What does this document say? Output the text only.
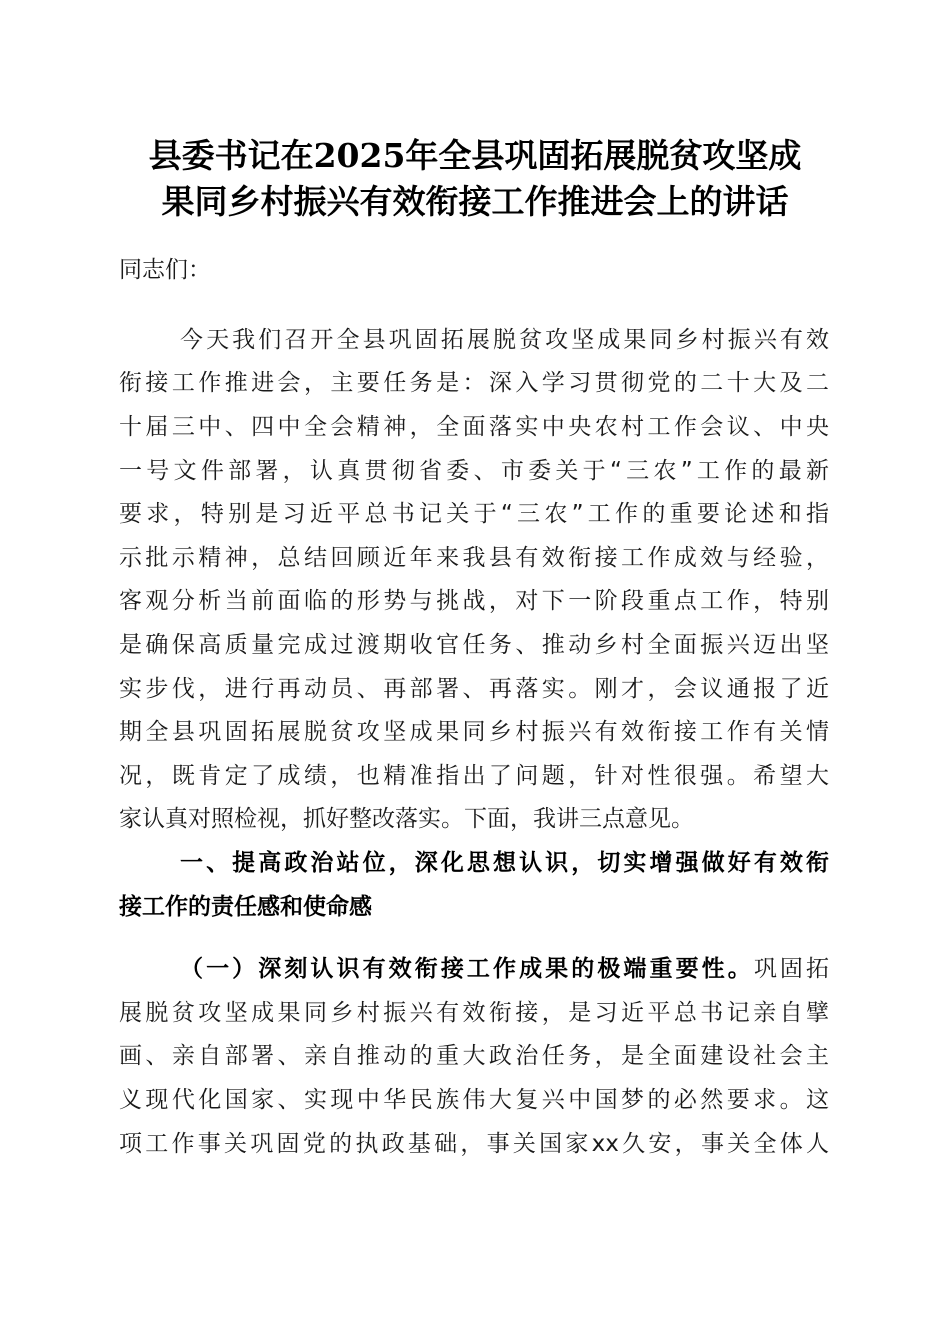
县委书记在2025年全县巩固拓展脱贫攻坚成
果同乡村振兴有效衔接工作推进会上的讲话
同志们：
今天我们召开全县巩固拓展脱贫攻坚成果同乡村振兴有效
衔接工作推进会，主要任务是：深入学习贯彻党的二十大及二
十届三中、四中全会精神，全面落实中央农村工作会议、中央
一号文件部署，认真贯彻省委、市委关于“三农”工作的最新
要求，特别是习近平总书记关于“三农”工作的重要论述和指
示批示精神，总结回顾近年来我县有效衔接工作成效与经验，
客观分析当前面临的形势与挑战，对下一阶段重点工作，特别
是确保高质量完成过渡期收官任务、推动乡村全面振兴迈出坚
实步伐，进行再动员、再部署、再落实。刚才，会议通报了近
期全县巩固拓展脱贫攻坚成果同乡村振兴有效衔接工作有关情
况，既肯定了成绩，也精准指出了问题，针对性很强。希望大
家认真对照检视，抓好整改落实。下面，我讲三点意见。
一、提高政治站位，深化思想认识，切实增强做好有效衔
接工作的责任感和使命感
（一）深刻认识有效衔接工作成果的极端重要性。巩固拓
展脱贫攻坚成果同乡村振兴有效衔接，是习近平总书记亲自擘
画、亲自部署、亲自推动的重大政治任务，是全面建设社会主
义现代化国家、实现中华民族伟大复兴中国梦的必然要求。这
项工作事关巩固党的执政基础，事关国家xx久安，事关全体人
